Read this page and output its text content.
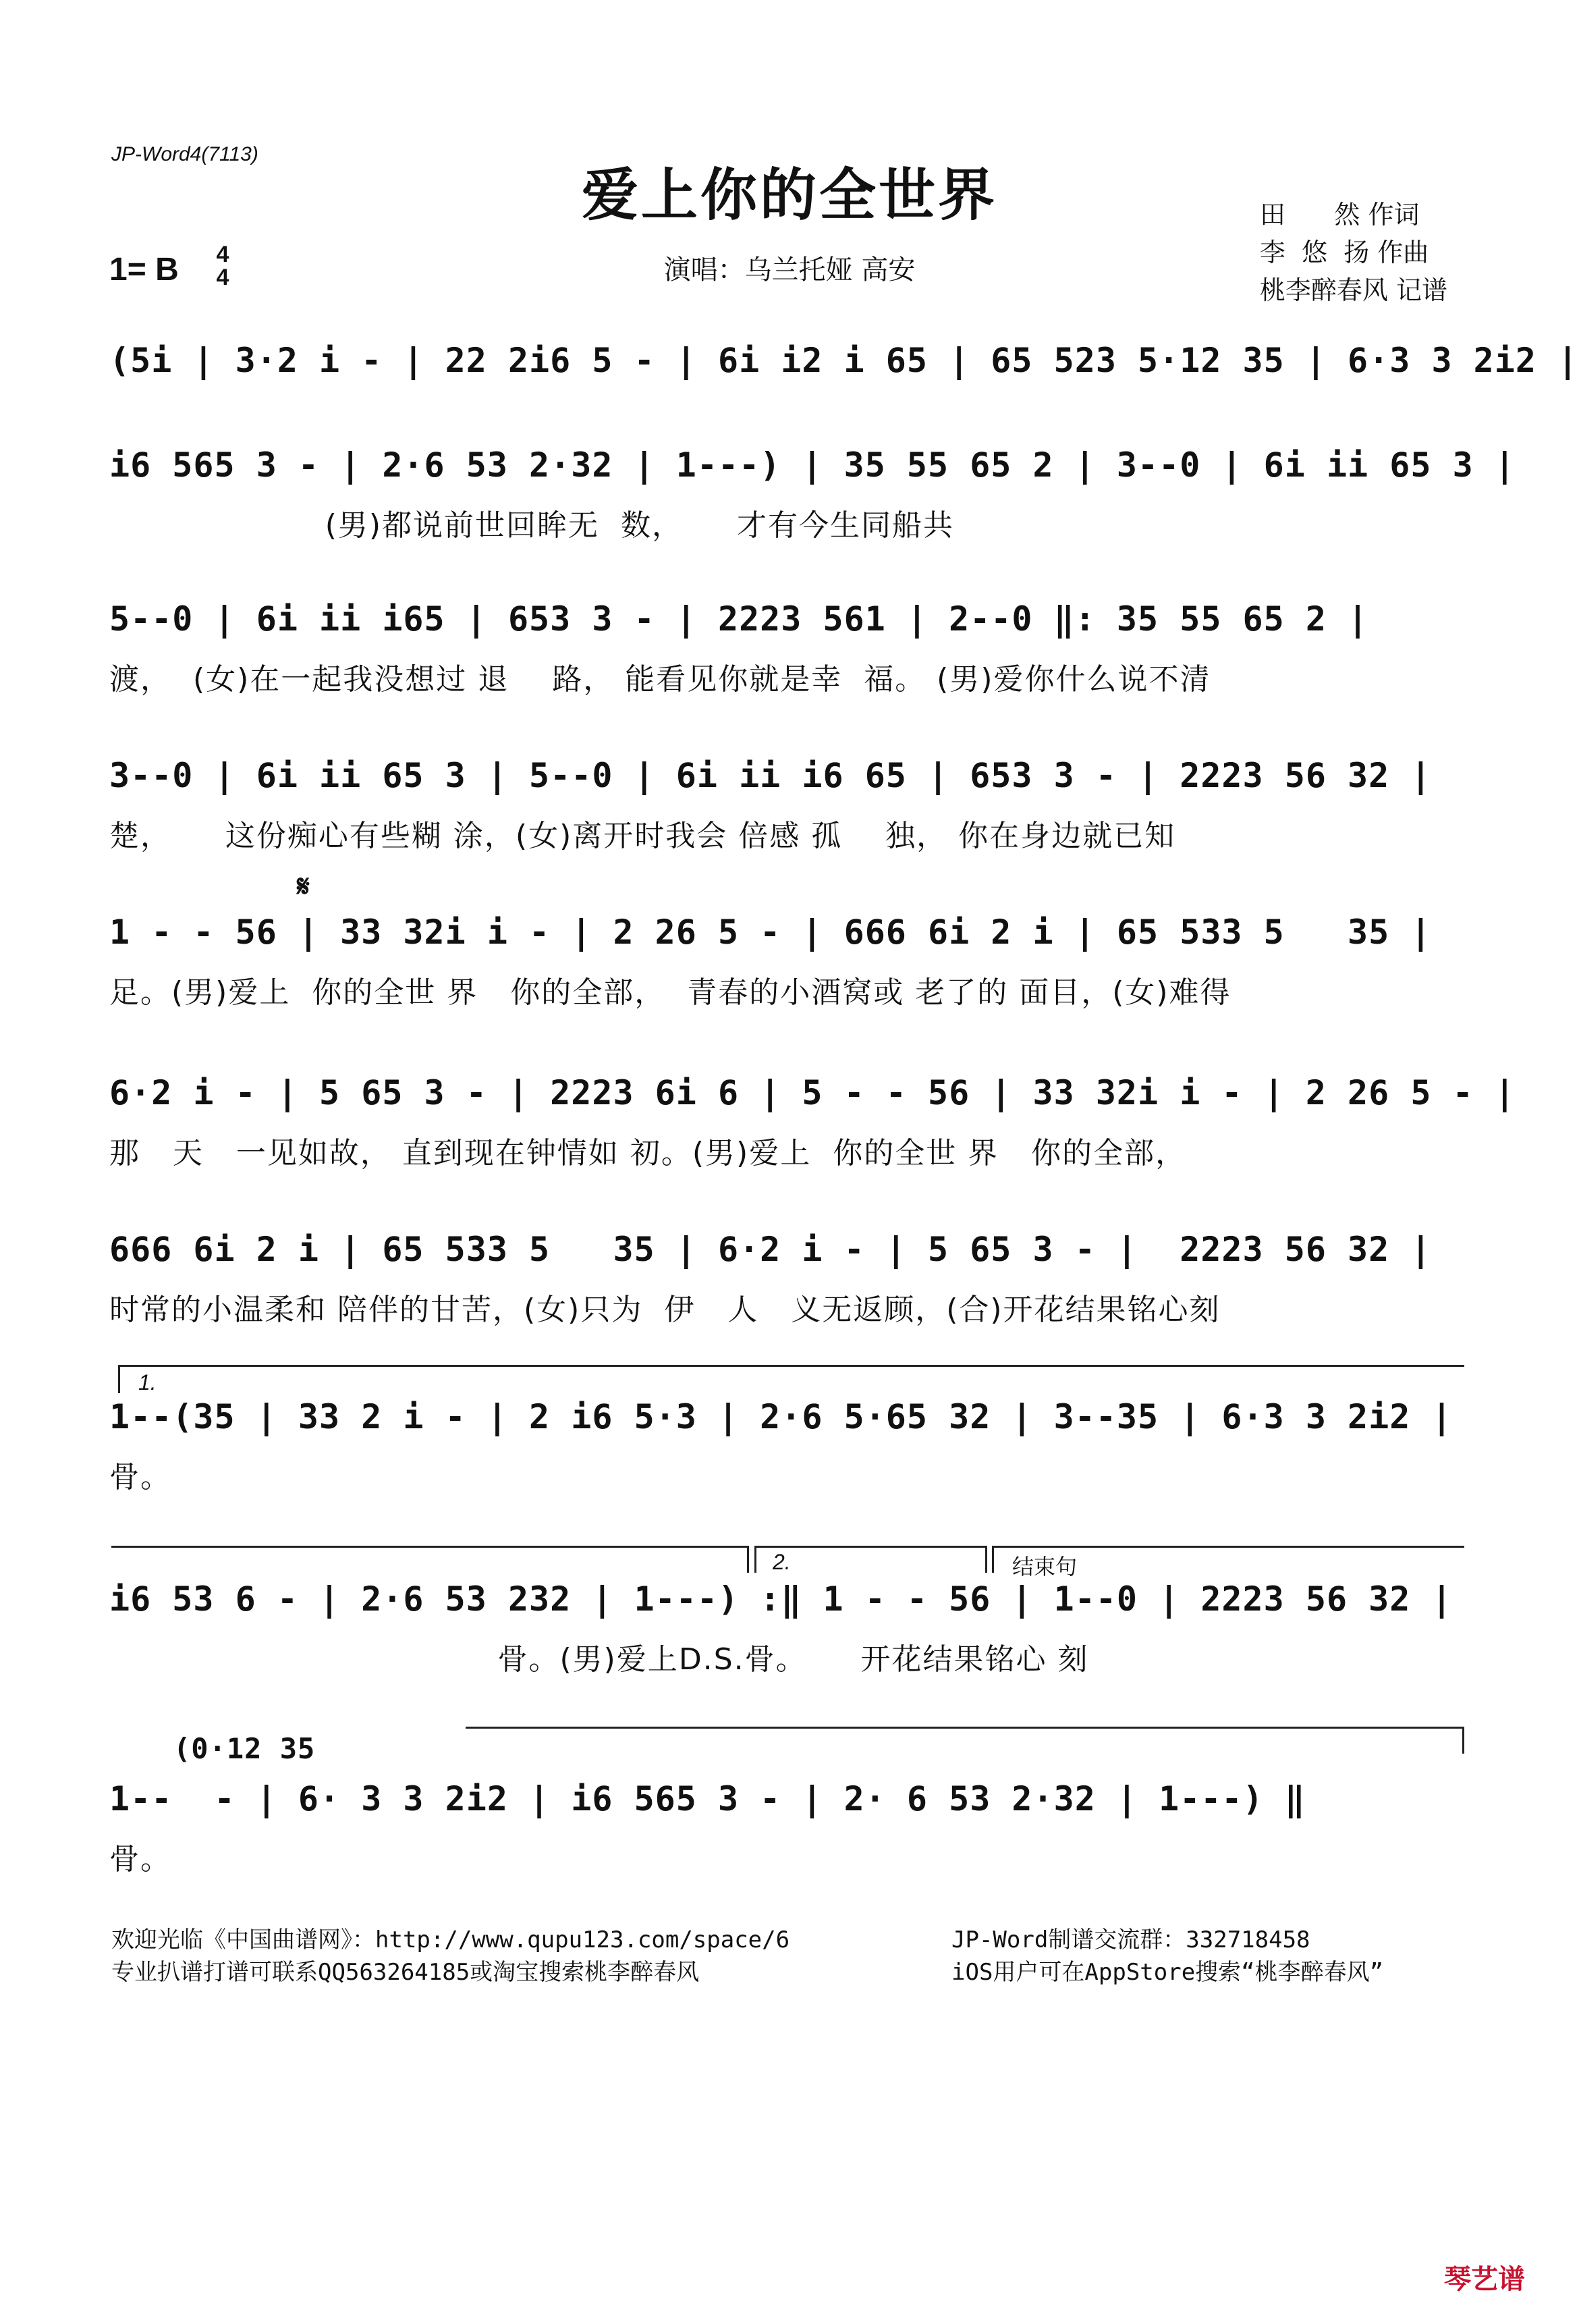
JP-Word4(7113)
爱上你的全世界
1= B	4
4	演唱：乌兰托娅 高安
田      然 作词
李  悠  扬 作曲
桃李醉春风 记谱
𝄋
(5i | 3·2 i - | 22 2i6 5 - | 6i i2 i 65 | 65 523 5·12 35 | 6·3 3 2i2 |
i6 565 3 - | 2·6 53 2·32 | 1---) | 35 55 65 2 | 3--0 | 6i ii 65 3 |
(男)都说前世回眸无  数，     才有今生同船共
5--0 | 6i ii i65 | 653 3 - | 2223 561 | 2--0 ‖: 35 55 65 2 |
渡，  (女)在一起我没想过 退    路， 能看见你就是幸  福。 (男)爱你什么说不清
3--0 | 6i ii 65 3 | 5--0 | 6i ii i6 65 | 653 3 - | 2223 56 32 |
楚，     这份痴心有些糊 涂，(女)离开时我会 倍感 孤    独， 你在身边就已知
1 - - 56 | 33 32i i - | 2 26 5 - | 666 6i 2 i | 65 533 5   35 |
足。(男)爱上  你的全世 界   你的全部，  青春的小酒窝或 老了的 面目，(女)难得
6·2 i - | 5 65 3 - | 2223 6i 6 | 5 - - 56 | 33 32i i - | 2 26 5 - |
那   天   一见如故， 直到现在钟情如 初。(男)爱上  你的全世 界   你的全部，
666 6i 2 i | 65 533 5   35 | 6·2 i - | 5 65 3 - |  2223 56 32 |
时常的小温柔和 陪伴的甘苦，(女)只为  伊   人   义无返顾，(合)开花结果铭心刻
1.
1--(35 | 33 2 i - | 2 i6 5·3 | 2·6 5·65 32 | 3--35 | 6·3 3 2i2 |
骨。
2.	结束句
i6 53 6 - | 2·6 53 232 | 1---) :‖ 1 - - 56 | 1--0 | 2223 56 32 |
骨。(男)爱上D.S.骨。     开花结果铭心 刻
(0·12 35
1--  - | 6· 3 3 2i2 | i6 565 3 - | 2· 6 53 2·32 | 1---) ‖
骨。
欢迎光临《中国曲谱网》：http://www.qupu123.com/space/6
专业扒谱打谱可联系QQ563264185或淘宝搜索桃李醉春风
JP-Word制谱交流群：332718458
iOS用户可在AppStore搜索“桃李醉春风”
琴艺谱
